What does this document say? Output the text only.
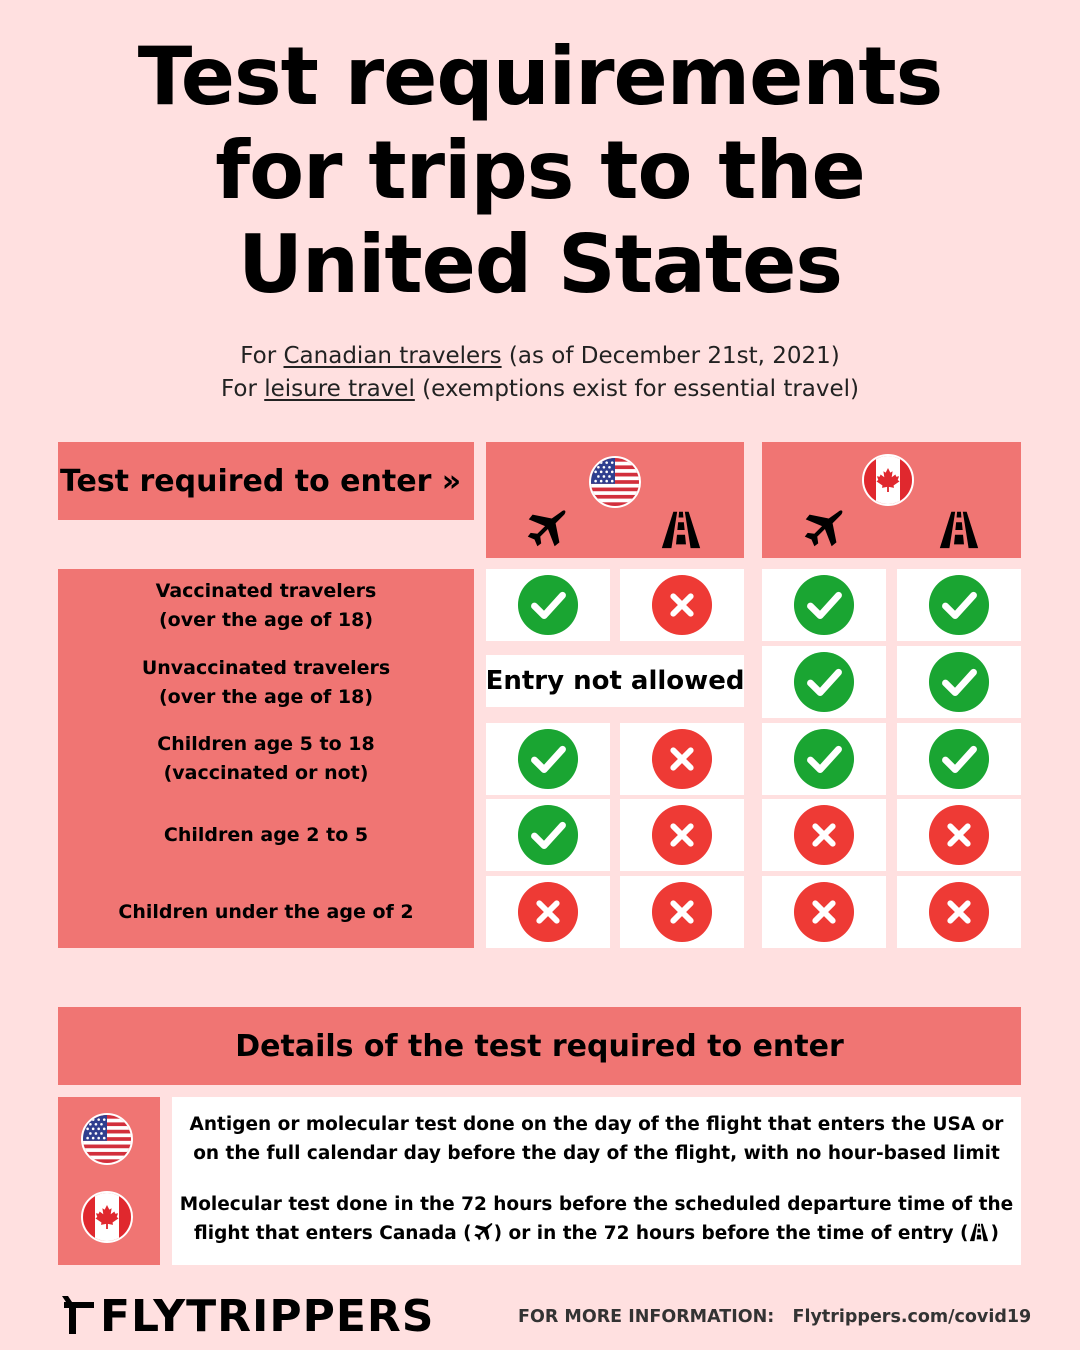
Test requirements
for trips to the
United States
For Canadian travelers (as of December 21st, 2021)
For leisure travel (exemptions exist for essential travel)
Test required to enter »
Vaccinated travelers
(over the age of 18)
Unvaccinated travelers
(over the age of 18)
Children age 5 to 18
(vaccinated or not)
Children age 2 to 5
Children under the age of 2
Entry not allowed
Details of the test required to enter
Antigen or molecular test done on the day of the flight that enters the USA or
on the full calendar day before the day of the flight, with no hour-based limit
Molecular test done in the 72 hours before the scheduled departure time of the
flight that enters Canada ( ) or in the 72 hours before the time of entry ( )
FLYTRIPPERS	FOR MORE INFORMATION: Flytrippers.com/covid19
